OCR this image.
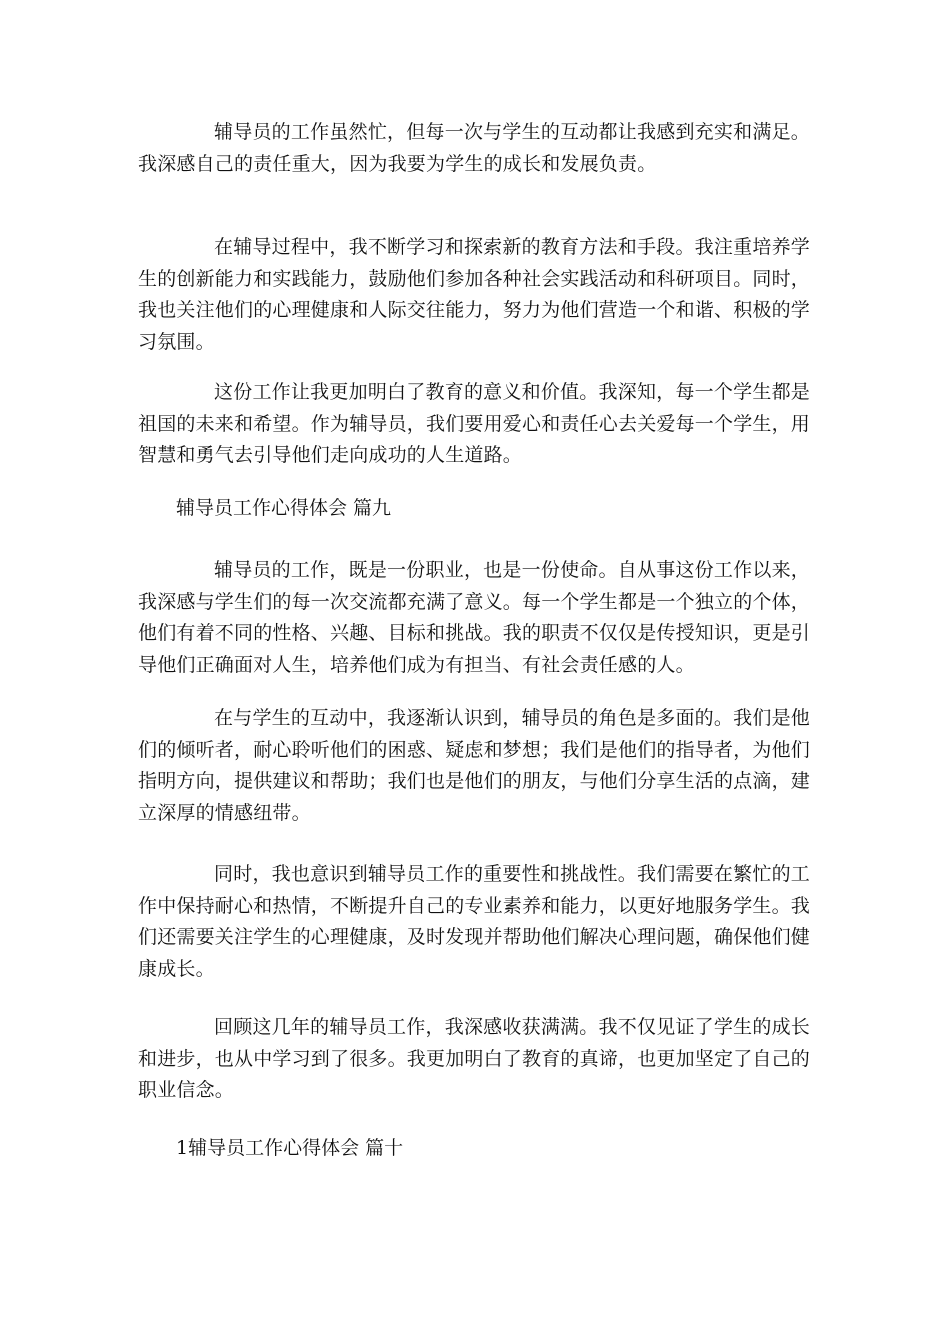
辅导员的工作虽然忙，但每一次与学生的互动都让我感到充实和满足。我深感自己的责任重大，因为我要为学生的成长和发展负责。

在辅导过程中，我不断学习和探索新的教育方法和手段。我注重培养学生的创新能力和实践能力，鼓励他们参加各种社会实践活动和科研项目。同时，我也关注他们的心理健康和人际交往能力，努力为他们营造一个和谐、积极的学习氛围。

这份工作让我更加明白了教育的意义和价值。我深知，每一个学生都是祖国的未来和希望。作为辅导员，我们要用爱心和责任心去关爱每一个学生，用智慧和勇气去引导他们走向成功的人生道路。

辅导员工作心得体会 篇九

辅导员的工作，既是一份职业，也是一份使命。自从事这份工作以来，我深感与学生们的每一次交流都充满了意义。每一个学生都是一个独立的个体，他们有着不同的性格、兴趣、目标和挑战。我的职责不仅仅是传授知识，更是引导他们正确面对人生，培养他们成为有担当、有社会责任感的人。

在与学生的互动中，我逐渐认识到，辅导员的角色是多面的。我们是他们的倾听者，耐心聆听他们的困惑、疑虑和梦想；我们是他们的指导者，为他们指明方向，提供建议和帮助；我们也是他们的朋友，与他们分享生活的点滴，建立深厚的情感纽带。

同时，我也意识到辅导员工作的重要性和挑战性。我们需要在繁忙的工作中保持耐心和热情，不断提升自己的专业素养和能力，以更好地服务学生。我们还需要关注学生的心理健康，及时发现并帮助他们解决心理问题，确保他们健康成长。

回顾这几年的辅导员工作，我深感收获满满。我不仅见证了学生的成长和进步，也从中学习到了很多。我更加明白了教育的真谛，也更加坚定了自己的职业信念。

1辅导员工作心得体会 篇十
